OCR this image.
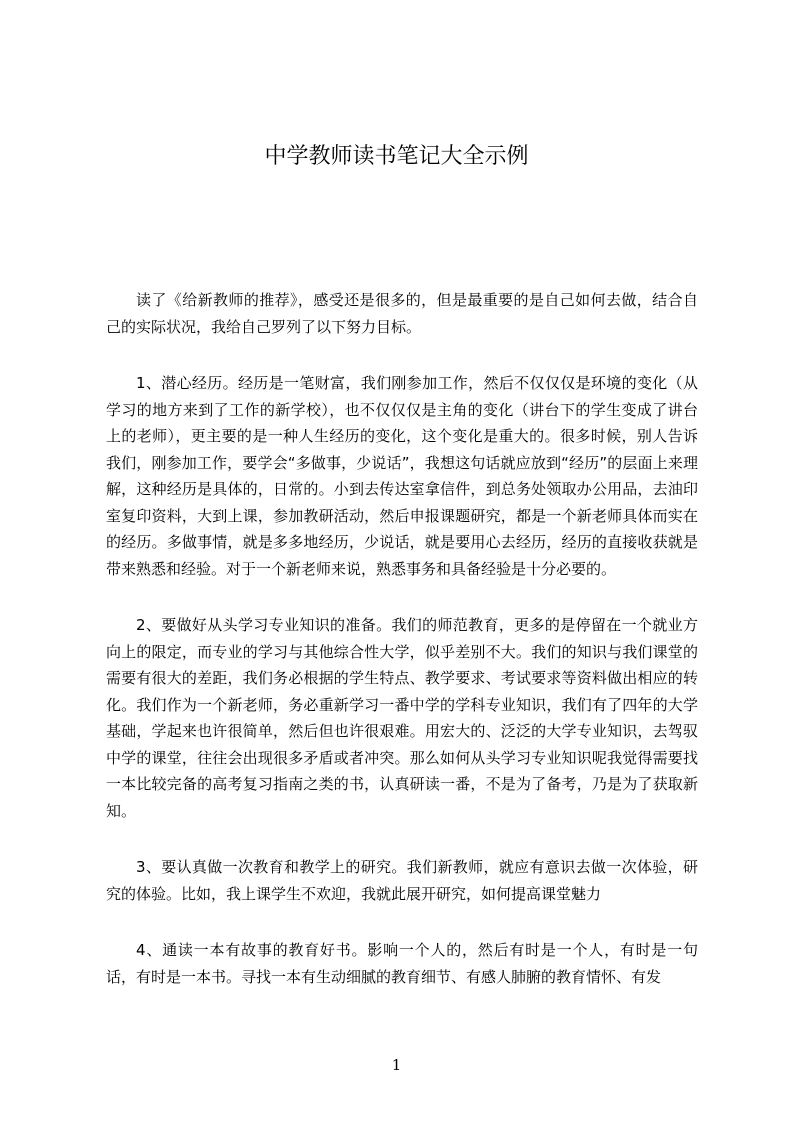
中学教师读书笔记大全示例

读了《给新教师的推荐》，感受还是很多的，但是最重要的是自己如何去做，结合自己的实际状况，我给自己罗列了以下努力目标。

1、潜心经历。经历是一笔财富，我们刚参加工作，然后不仅仅仅是环境的变化（从学习的地方来到了工作的新学校），也不仅仅仅是主角的变化（讲台下的学生变成了讲台上的老师），更主要的是一种人生经历的变化，这个变化是重大的。很多时候，别人告诉我们，刚参加工作，要学会“多做事，少说话”，我想这句话就应放到“经历”的层面上来理解，这种经历是具体的，日常的。小到去传达室拿信件，到总务处领取办公用品，去油印室复印资料，大到上课，参加教研活动，然后申报课题研究，都是一个新老师具体而实在的经历。多做事情，就是多多地经历，少说话，就是要用心去经历，经历的直接收获就是带来熟悉和经验。对于一个新老师来说，熟悉事务和具备经验是十分必要的。

2、要做好从头学习专业知识的准备。我们的师范教育，更多的是停留在一个就业方向上的限定，而专业的学习与其他综合性大学，似乎差别不大。我们的知识与我们课堂的需要有很大的差距，我们务必根据的学生特点、教学要求、考试要求等资料做出相应的转化。我们作为一个新老师，务必重新学习一番中学的学科专业知识，我们有了四年的大学基础，学起来也许很简单，然后但也许很艰难。用宏大的、泛泛的大学专业知识，去驾驭中学的课堂，往往会出现很多矛盾或者冲突。那么如何从头学习专业知识呢我觉得需要找一本比较完备的高考复习指南之类的书，认真研读一番，不是为了备考，乃是为了获取新知。

3、要认真做一次教育和教学上的研究。我们新教师，就应有意识去做一次体验，研究的体验。比如，我上课学生不欢迎，我就此展开研究，如何提高课堂魅力

4、通读一本有故事的教育好书。影响一个人的，然后有时是一个人，有时是一句话，有时是一本书。寻找一本有生动细腻的教育细节、有感人肺腑的教育情怀、有发

1
